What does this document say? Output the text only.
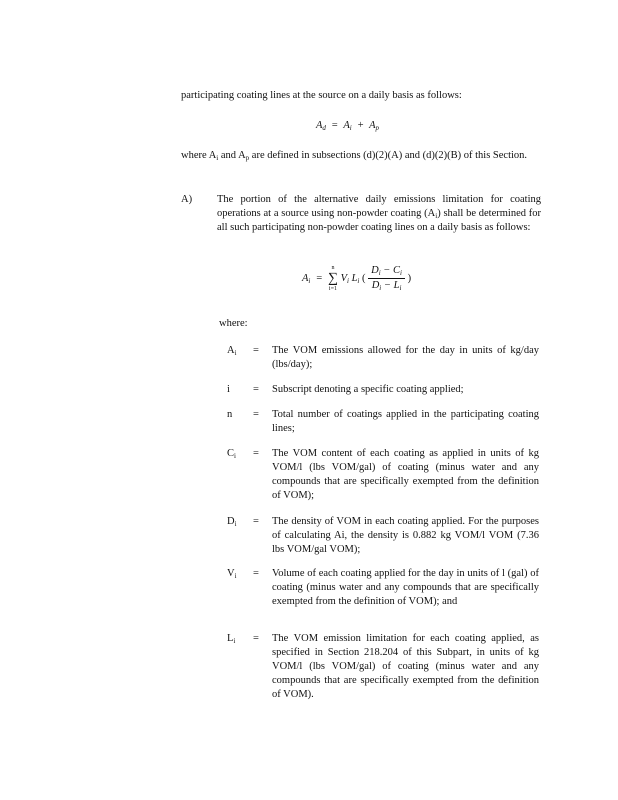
participating coating lines at the source on a daily basis as follows:
$A_d = A_i + A_p$
where $A_i$ and $A_p$ are defined in subsections (d)(2)(A) and (d)(2)(B) of this Section.
A) The portion of the alternative daily emissions limitation for coating operations at a source using non-powder coating $(A_i)$ shall be determined for all such participating non-powder coating lines on a daily basis as follows:
$A_i$  =
n
∑
i=1
$V_i$ $L_i$ ( $\frac{D_i - C_i}{D_i - L_i}$ )
where:
$A_i$	=	The VOM emissions allowed for the day in units of kg/day (lbs/day);
i	=	Subscript denoting a specific coating applied;
n	=	Total number of coatings applied in the participating coating lines;
$C_i$	=	The VOM content of each coating as applied in units of kg VOM/l (lbs VOM/gal) of coating (minus water and any compounds that are specifically exempted from the definition of VOM);
$D_i$	=	The density of VOM in each coating applied. For the purposes of calculating Ai, the density is 0.882 kg VOM/l VOM (7.36 lbs VOM/gal VOM);
$V_i$	=	Volume of each coating applied for the day in units of l (gal) of coating (minus water and any compounds that are specifically exempted from the definition of VOM); and
$L_i$	=	The VOM emission limitation for each coating applied, as specified in Section 218.204 of this Subpart, in units of kg VOM/l (lbs VOM/gal) of coating (minus water and any compounds that are specifically exempted from the definition of VOM).
